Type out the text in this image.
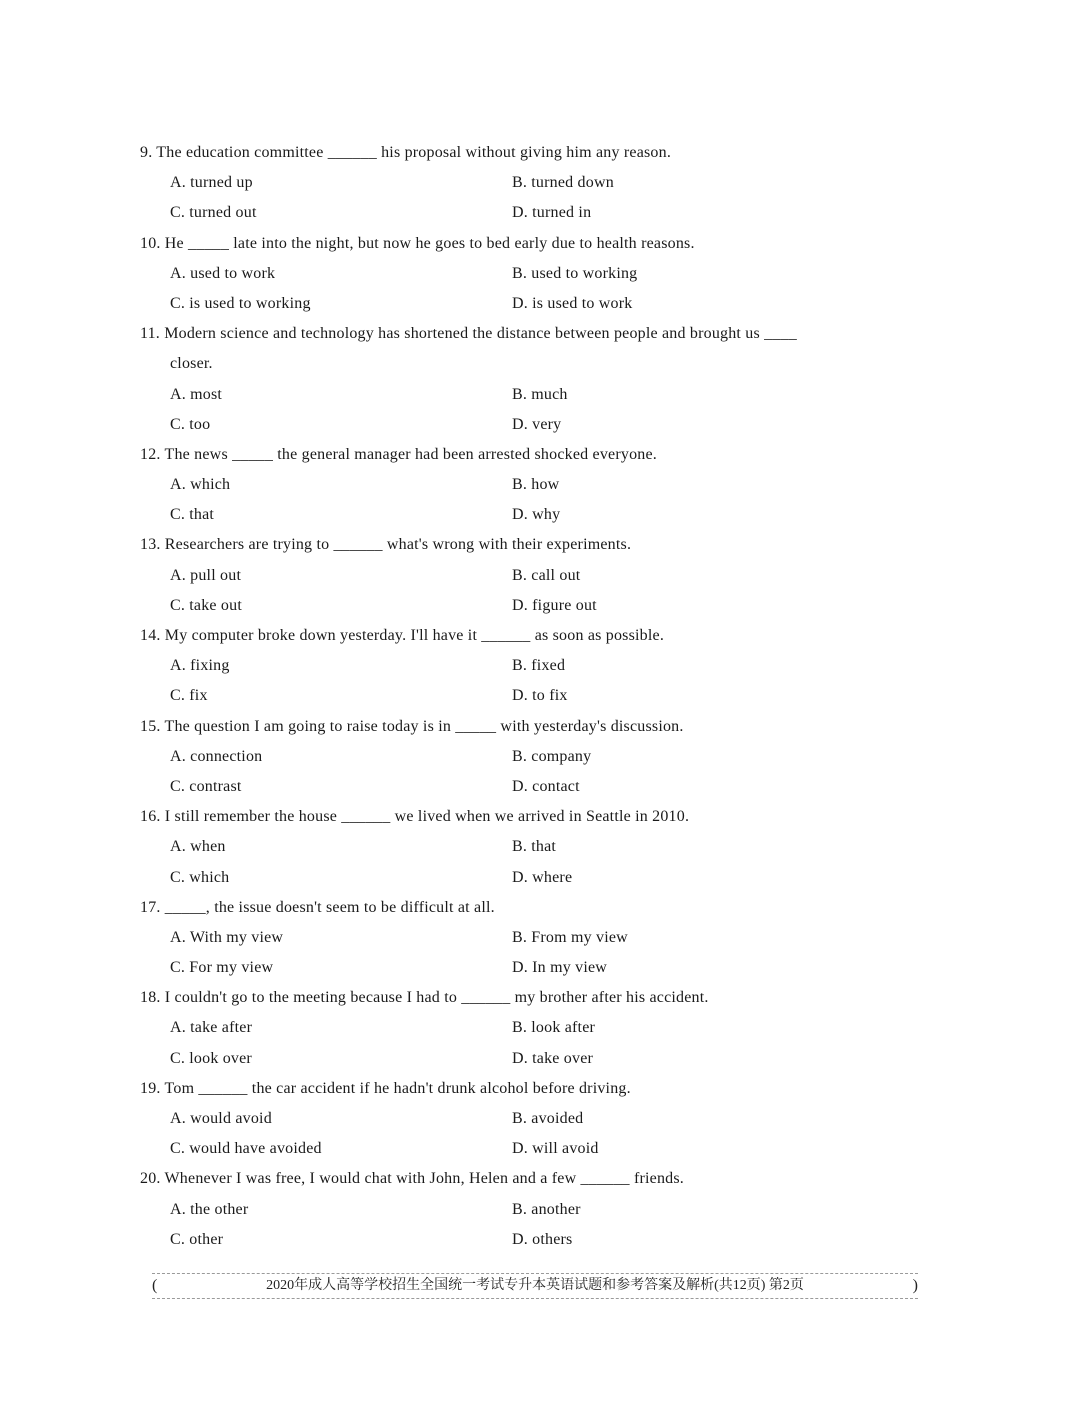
9. The education committee ______ his proposal without giving him any reason.
A. turned up	B. turned down
C. turned out	D. turned in
10. He _____ late into the night, but now he goes to bed early due to health reasons.
A. used to work	B. used to working
C. is used to working	D. is used to work
11. Modern science and technology has shortened the distance between people and brought us ____
closer.
A. most	B. much
C. too	D. very
12. The news _____ the general manager had been arrested shocked everyone.
A. which	B. how
C. that	D. why
13. Researchers are trying to ______ what's wrong with their experiments.
A. pull out	B. call out
C. take out	D. figure out
14. My computer broke down yesterday. I'll have it ______ as soon as possible.
A. fixing	B. fixed
C. fix	D. to fix
15. The question I am going to raise today is in _____ with yesterday's discussion.
A. connection	B. company
C. contrast	D. contact
16. I still remember the house ______ we lived when we arrived in Seattle in 2010.
A. when	B. that
C. which	D. where
17. _____, the issue doesn't seem to be difficult at all.
A. With my view	B. From my view
C. For my view	D. In my view
18. I couldn't go to the meeting because I had to ______ my brother after his accident.
A. take after	B. look after
C. look over	D. take over
19. Tom ______ the car accident if he hadn't drunk alcohol before driving.
A. would avoid	B. avoided
C. would have avoided	D. will avoid
20. Whenever I was free, I would chat with John, Helen and a few ______ friends.
A. the other	B. another
C. other	D. others
(	2020年成人高等学校招生全国统一考试专升本英语试题和参考答案及解析(共12页) 第2页	)
